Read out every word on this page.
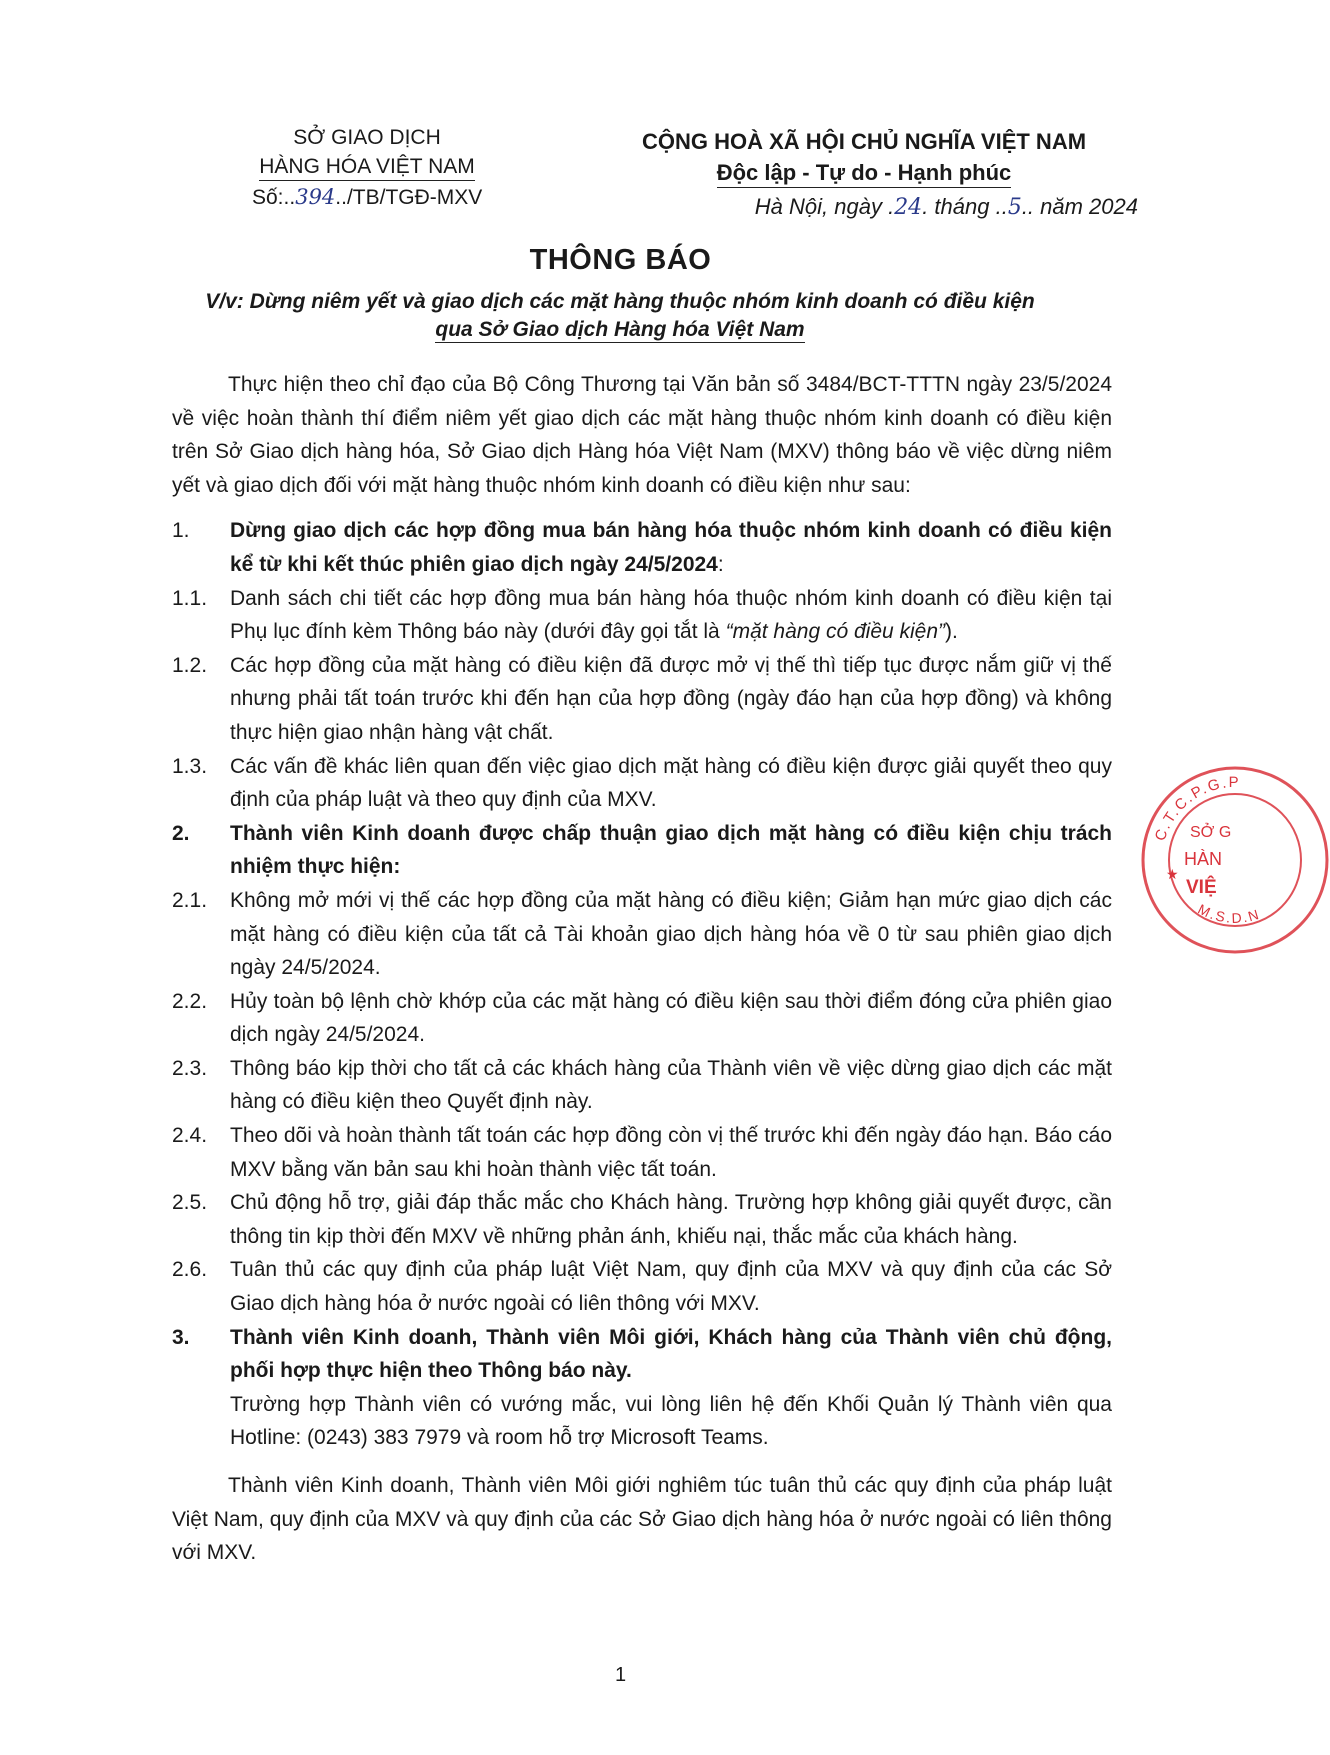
SỞ GIAO DỊCH
HÀNG HÓA VIỆT NAM
Số:..394../TB/TGĐ-MXV
CỘNG HOÀ XÃ HỘI CHỦ NGHĨA VIỆT NAM
Độc lập - Tự do - Hạnh phúc
Hà Nội, ngày .24. tháng ..5.. năm 2024
THÔNG BÁO
V/v: Dừng niêm yết và giao dịch các mặt hàng thuộc nhóm kinh doanh có điều kiện
qua Sở Giao dịch Hàng hóa Việt Nam

Thực hiện theo chỉ đạo của Bộ Công Thương tại Văn bản số 3484/BCT-TTTN ngày 23/5/2024 về việc hoàn thành thí điểm niêm yết giao dịch các mặt hàng thuộc nhóm kinh doanh có điều kiện trên Sở Giao dịch hàng hóa, Sở Giao dịch Hàng hóa Việt Nam (MXV) thông báo về việc dừng niêm yết và giao dịch đối với mặt hàng thuộc nhóm kinh doanh có điều kiện như sau:

1.	Dừng giao dịch các hợp đồng mua bán hàng hóa thuộc nhóm kinh doanh có điều kiện kể từ khi kết thúc phiên giao dịch ngày 24/5/2024:
1.1.	Danh sách chi tiết các hợp đồng mua bán hàng hóa thuộc nhóm kinh doanh có điều kiện tại Phụ lục đính kèm Thông báo này (dưới đây gọi tắt là “mặt hàng có điều kiện”).
1.2.	Các hợp đồng của mặt hàng có điều kiện đã được mở vị thế thì tiếp tục được nắm giữ vị thế nhưng phải tất toán trước khi đến hạn của hợp đồng (ngày đáo hạn của hợp đồng) và không thực hiện giao nhận hàng vật chất.
1.3.	Các vấn đề khác liên quan đến việc giao dịch mặt hàng có điều kiện được giải quyết theo quy định của pháp luật và theo quy định của MXV.
2.	Thành viên Kinh doanh được chấp thuận giao dịch mặt hàng có điều kiện chịu trách nhiệm thực hiện:
2.1.	Không mở mới vị thế các hợp đồng của mặt hàng có điều kiện; Giảm hạn mức giao dịch các mặt hàng có điều kiện của tất cả Tài khoản giao dịch hàng hóa về 0 từ sau phiên giao dịch ngày 24/5/2024.
2.2.	Hủy toàn bộ lệnh chờ khớp của các mặt hàng có điều kiện sau thời điểm đóng cửa phiên giao dịch ngày 24/5/2024.
2.3.	Thông báo kịp thời cho tất cả các khách hàng của Thành viên về việc dừng giao dịch các mặt hàng có điều kiện theo Quyết định này.
2.4.	Theo dõi và hoàn thành tất toán các hợp đồng còn vị thế trước khi đến ngày đáo hạn. Báo cáo MXV bằng văn bản sau khi hoàn thành việc tất toán.
2.5.	Chủ động hỗ trợ, giải đáp thắc mắc cho Khách hàng. Trường hợp không giải quyết được, cần thông tin kịp thời đến MXV về những phản ánh, khiếu nại, thắc mắc của khách hàng.
2.6.	Tuân thủ các quy định của pháp luật Việt Nam, quy định của MXV và quy định của các Sở Giao dịch hàng hóa ở nước ngoài có liên thông với MXV.
3.	Thành viên Kinh doanh, Thành viên Môi giới, Khách hàng của Thành viên chủ động, phối hợp thực hiện theo Thông báo này.

Trường hợp Thành viên có vướng mắc, vui lòng liên hệ đến Khối Quản lý Thành viên qua Hotline: (0243) 383 7979 và room hỗ trợ Microsoft Teams.

Thành viên Kinh doanh, Thành viên Môi giới nghiêm túc tuân thủ các quy định của pháp luật Việt Nam, quy định của MXV và quy định của các Sở Giao dịch hàng hóa ở nước ngoài có liên thông với MXV.

1
C.T.C.P.G.P
M.S.D.N
★
SỞ G
HÀN
VIỆ
